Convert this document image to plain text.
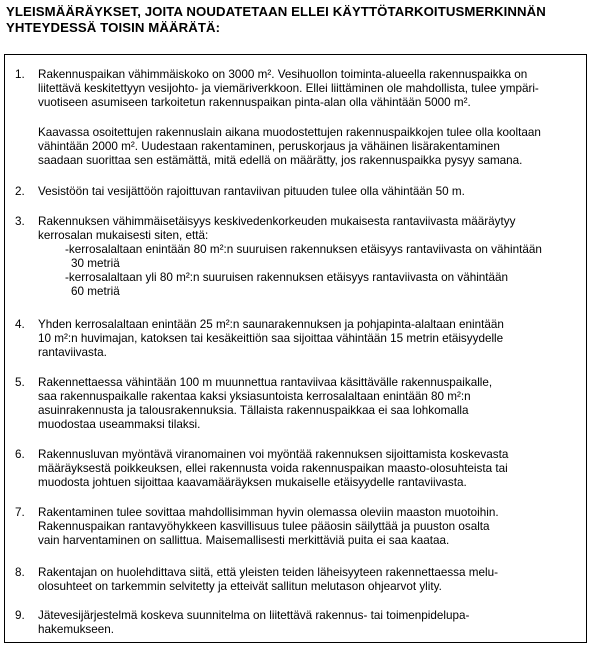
YLEISMÄÄRÄYKSET, JOITA NOUDATETAAN ELLEI KÄYTTÖTARKOITUSMERKINNÄN
YHTEYDESSÄ TOISIN MÄÄRÄTÄ:
1. Rakennuspaikan vähimmäiskoko on 3000 m². Vesihuollon toiminta-alueella rakennuspaikka on
liitettävä keskitettyyn vesijohto- ja viemäriverkkoon. Ellei liittäminen ole mahdollista, tulee ympäri-
vuotiseen asumiseen tarkoitetun rakennuspaikan pinta-alan olla vähintään 5000 m².
Kaavassa osoitettujen rakennuslain aikana muodostettujen rakennuspaikkojen tulee olla kooltaan
vähintään 2000 m². Uudestaan rakentaminen, peruskorjaus ja vähäinen lisärakentaminen
saadaan suorittaa sen estämättä, mitä edellä on määrätty, jos rakennuspaikka pysyy samana.
2. Vesistöön tai vesijättöön rajoittuvan rantaviivan pituuden tulee olla vähintään 50 m.
3. Rakennuksen vähimmäisetäisyys keskivedenkorkeuden mukaisesta rantaviivasta määräytyy
kerrosalan mukaisesti siten, että:
-kerrosalaltaan enintään 80 m²:n suuruisen rakennuksen etäisyys rantaviivasta on vähintään
30 metriä
-kerrosalaltaan yli 80 m²:n suuruisen rakennuksen etäisyys rantaviivasta on vähintään
60 metriä
4. Yhden kerrosalaltaan enintään 25 m²:n saunarakennuksen ja pohjapinta-alaltaan enintään
10 m²:n huvimajan, katoksen tai kesäkeittiön saa sijoittaa vähintään 15 metrin etäisyydelle
rantaviivasta.
5. Rakennettaessa vähintään 100 m muunnettua rantaviivaa käsittävälle rakennuspaikalle,
saa rakennuspaikalle rakentaa kaksi yksiasuntoista kerrosalaltaan enintään 80 m²:n
asuinrakennusta ja talousrakennuksia. Tällaista rakennuspaikkaa ei saa lohkomalla
muodostaa useammaksi tilaksi.
6. Rakennusluvan myöntävä viranomainen voi myöntää rakennuksen sijoittamista koskevasta
määräyksestä poikkeuksen, ellei rakennusta voida rakennuspaikan maasto-olosuhteista tai
muodosta johtuen sijoittaa kaavamääräyksen mukaiselle etäisyydelle rantaviivasta.
7. Rakentaminen tulee sovittaa mahdollisimman hyvin olemassa oleviin maaston muotoihin.
Rakennuspaikan rantavyöhykkeen kasvillisuus tulee pääosin säilyttää ja puuston osalta
vain harventaminen on sallittua. Maisemallisesti merkittäviä puita ei saa kaataa.
8. Rakentajan on huolehdittava siitä, että yleisten teiden läheisyyteen rakennettaessa melu-
olosuhteet on tarkemmin selvitetty ja etteivät sallitun melutason ohjearvot ylity.
9. Jätevesijärjestelmä koskeva suunnitelma on liitettävä rakennus- tai toimenpidelupa-
hakemukseen.
